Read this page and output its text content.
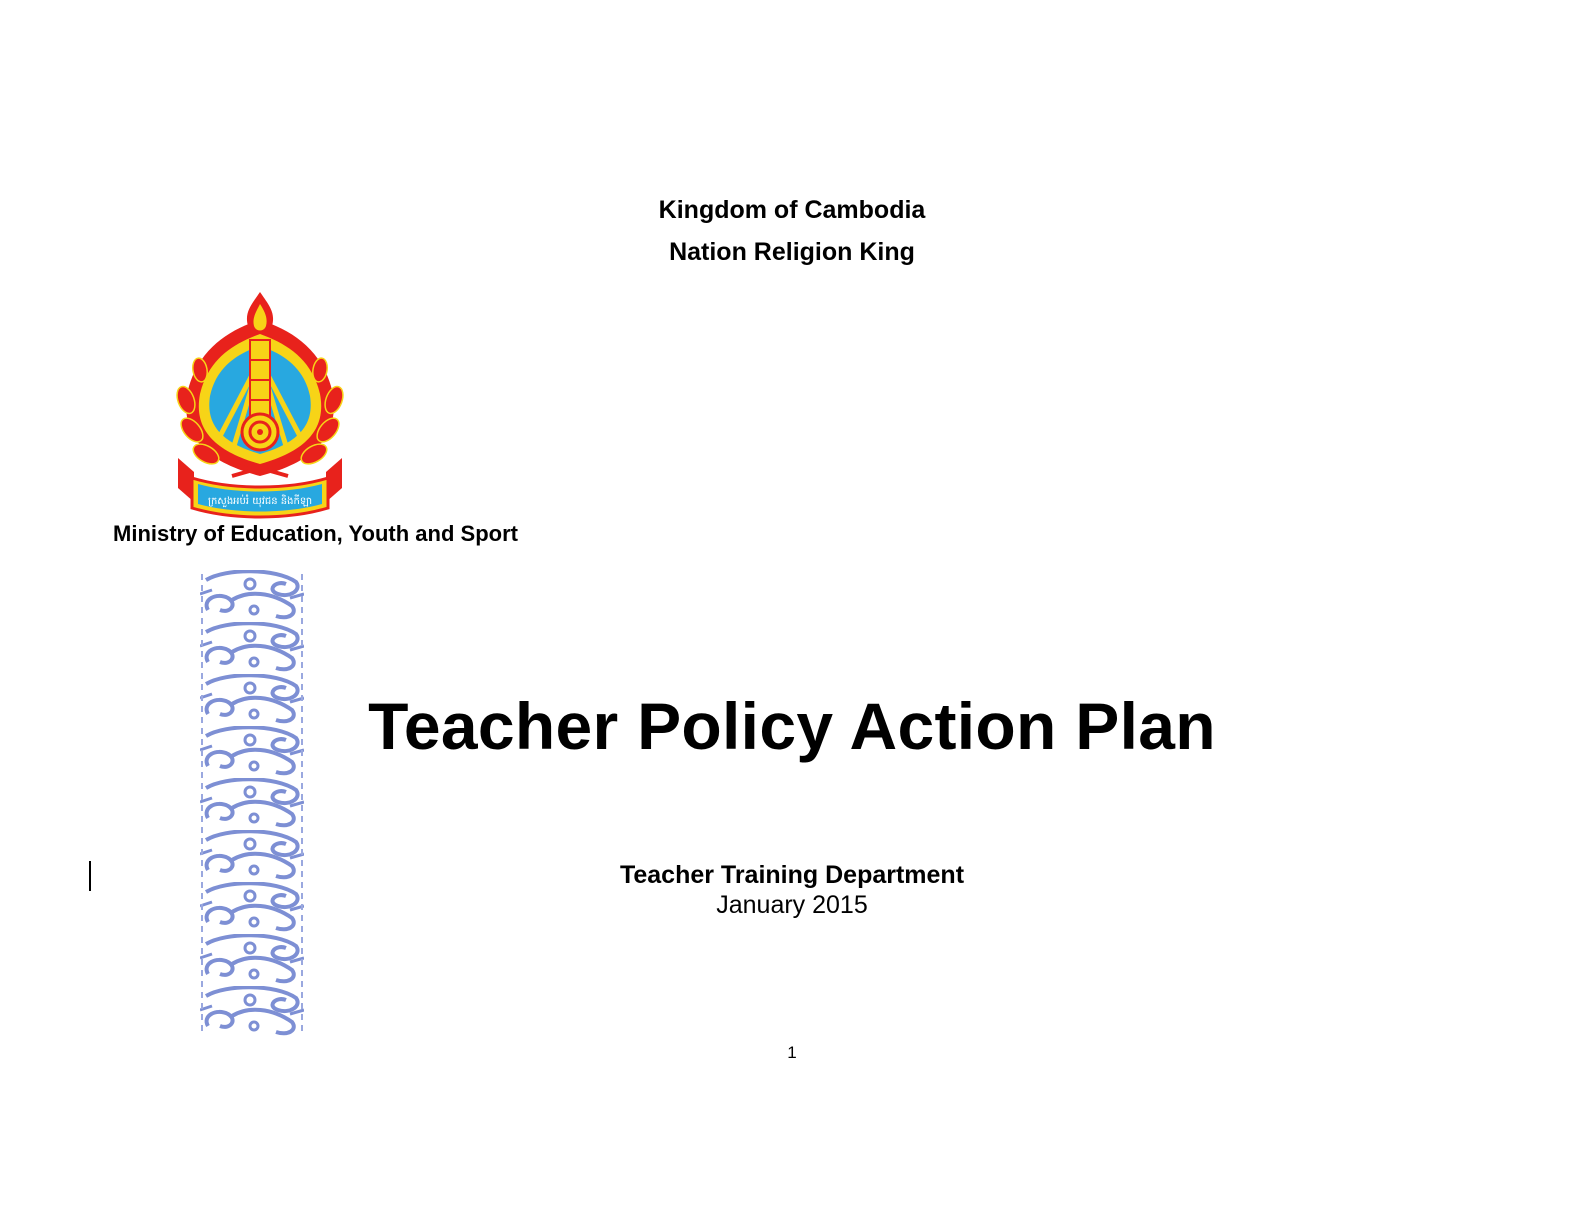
Kingdom of Cambodia
Nation Religion King
ក្រសួងអប់រំ យុវជន និងកីឡា
Ministry of Education, Youth and Sport
Teacher Policy Action Plan
Teacher Training Department
January 2015
1
